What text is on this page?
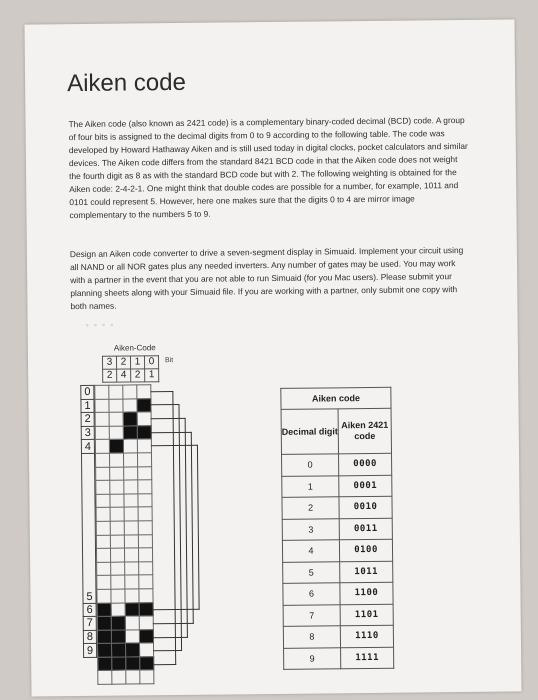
Aiken code

The Aiken code (also known as 2421 code) is a complementary binary-coded decimal (BCD) code. A group of four bits is assigned to the decimal digits from 0 to 9 according to the following table. The code was developed by Howard Hathaway Aiken and is still used today in digital clocks, pocket calculators and similar devices. The Aiken code differs from the standard 8421 BCD code in that the Aiken code does not weight the fourth digit as 8 as with the standard BCD code but with 2. The following weighting is obtained for the Aiken code: 2-4-2-1. One might think that double codes are possible for a number, for example, 1011 and 0101 could represent 5. However, here one makes sure that the digits 0 to 4 are mirror image complementary to the numbers 5 to 9.

Design an Aiken code converter to drive a seven-segment display in Simuaid. Implement your circuit using all NAND or all NOR gates plus any needed inverters. Any number of gates may be used. You may work with a partner in the event that you are not able to run Simuaid (for you Mac users). Please submit your planning sheets along with your Simuaid file. If you are working with a partner, only submit one copy with both names.

▪▪▪▪
Aiken-Code
3	2	1	0
2	4	2	1
Bit
0
1
2
3
4
5
6
7
8
9

Aiken code	
Decimal digit	Aiken 2421 code
0	0000
1	0001
2	0010
3	0011
4	0100
5	1011
6	1100
7	1101
8	1110
9	1111
